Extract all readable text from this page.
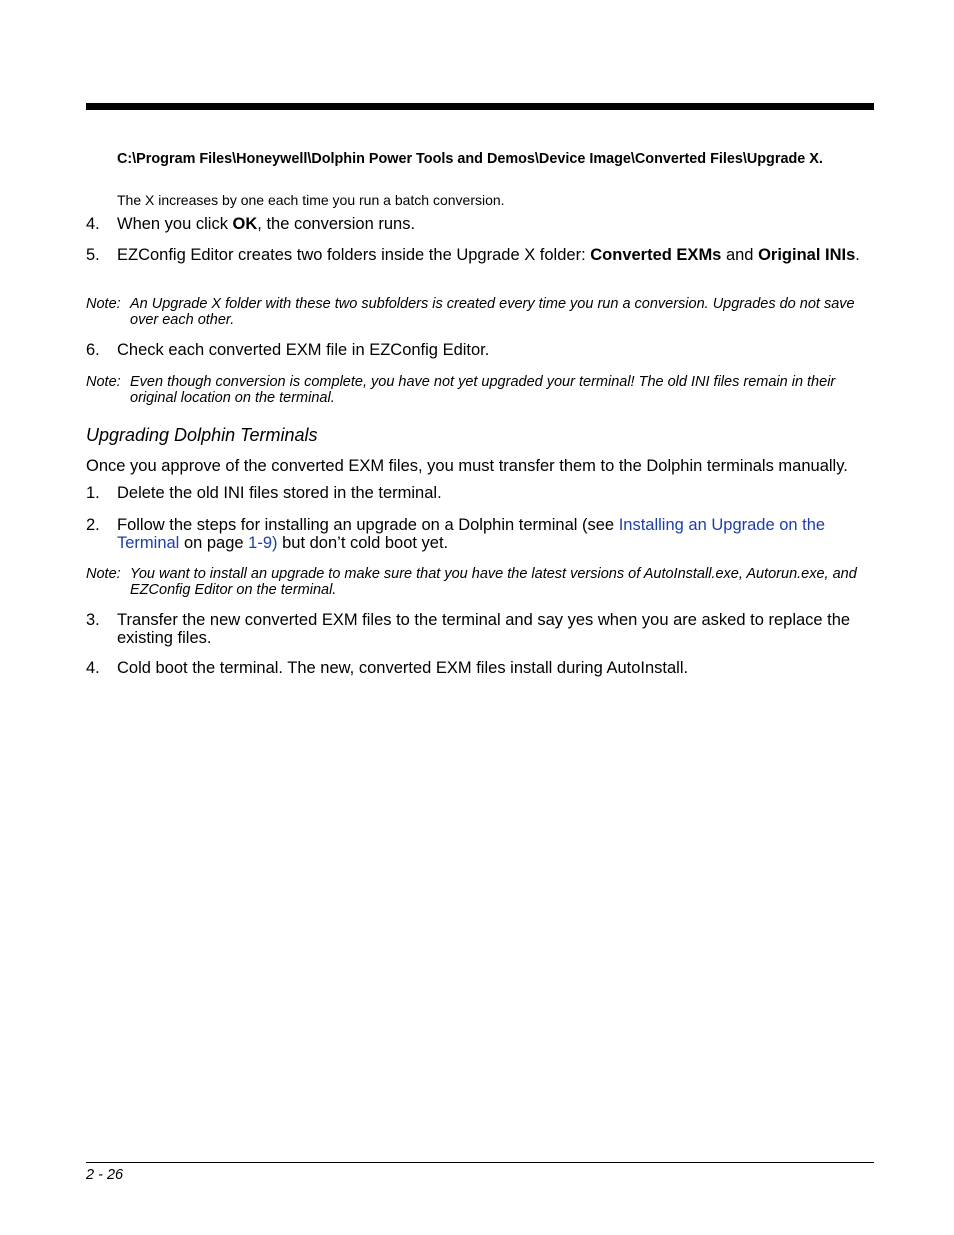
C:\Program Files\Honeywell\Dolphin Power Tools and Demos\Device Image\Converted Files\Upgrade X.
The X increases by one each time you run a batch conversion.
4. When you click OK, the conversion runs.
5. EZConfig Editor creates two folders inside the Upgrade X folder: Converted EXMs and Original INIs.
Note: An Upgrade X folder with these two subfolders is created every time you run a conversion. Upgrades do not save over each other.
6. Check each converted EXM file in EZConfig Editor.
Note: Even though conversion is complete, you have not yet upgraded your terminal! The old INI files remain in their original location on the terminal.
Upgrading Dolphin Terminals
Once you approve of the converted EXM files, you must transfer them to the Dolphin terminals manually.
1. Delete the old INI files stored in the terminal.
2. Follow the steps for installing an upgrade on a Dolphin terminal (see Installing an Upgrade on the Terminal on page 1-9) but don’t cold boot yet.
Note: You want to install an upgrade to make sure that you have the latest versions of AutoInstall.exe, Autorun.exe, and EZConfig Editor on the terminal.
3. Transfer the new converted EXM files to the terminal and say yes when you are asked to replace the existing files.
4. Cold boot the terminal. The new, converted EXM files install during AutoInstall.
2 - 26
